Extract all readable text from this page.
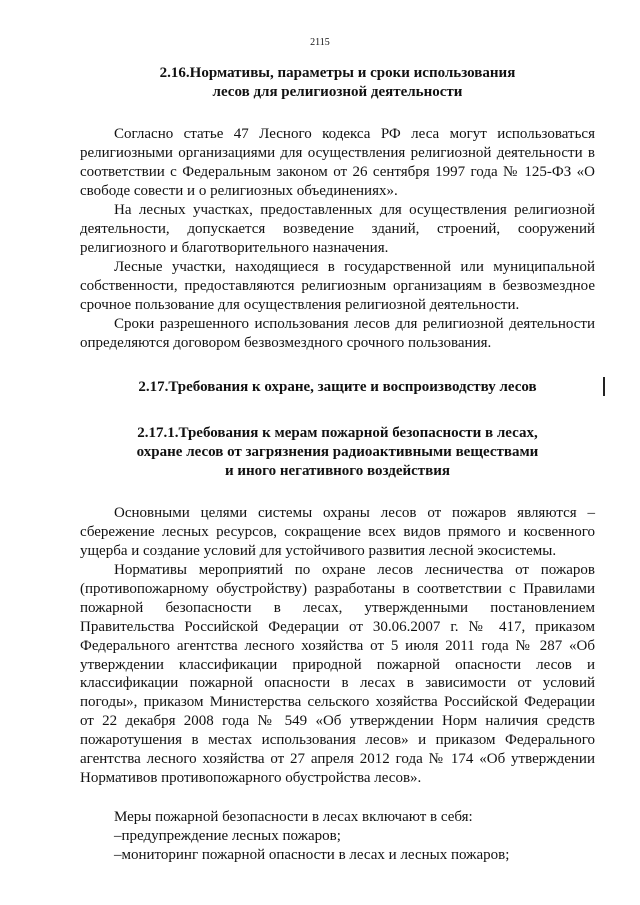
2115
2.16.Нормативы, параметры и сроки использования
лесов для религиозной деятельности

Согласно статье 47 Лесного кодекса РФ леса могут использоваться религиозными организациями для осуществления религиозной деятельности в соответствии с Федеральным законом от 26 сентября 1997 года № 125-ФЗ «О свободе совести и о религиозных объединениях».

На лесных участках, предоставленных для осуществления религиозной деятельности, допускается возведение зданий, строений, сооружений религиозного и благотворительного назначения.

Лесные участки, находящиеся в государственной или муниципальной собственности, предоставляются религиозным организациям в безвозмездное срочное пользование для осуществления религиозной деятельности.

Сроки разрешенного использования лесов для религиозной деятельности определяются договором безвозмездного срочного пользования.

2.17.Требования к охране, защите и воспроизводству лесов
2.17.1.Требования к мерам пожарной безопасности в лесах,
охране лесов от загрязнения радиоактивными веществами
и иного негативного воздействия

Основными целями системы охраны лесов от пожаров являются – сбережение лесных ресурсов, сокращение всех видов прямого и косвенного ущерба и создание условий для устойчивого развития лесной экосистемы.

Нормативы мероприятий по охране лесов лесничества от пожаров (противопожарному обустройству) разработаны в соответствии с Правилами пожарной безопасности в лесах, утвержденными постановлением Правительства Российской Федерации от 30.06.2007 г. № 417, приказом Федерального агентства лесного хозяйства от 5 июля 2011 года № 287 «Об утверждении классификации природной пожарной опасности лесов и классификации пожарной опасности в лесах в зависимости от условий погоды», приказом Министерства сельского хозяйства Российской Федерации от 22 декабря 2008 года № 549 «Об утверждении Норм наличия средств пожаротушения в местах использования лесов» и приказом Федерального агентства лесного хозяйства от 27 апреля 2012 года № 174 «Об утверждении Нормативов противопожарного обустройства лесов».

Меры пожарной безопасности в лесах включают в себя:
–предупреждение лесных пожаров;
–мониторинг пожарной опасности в лесах и лесных пожаров;
